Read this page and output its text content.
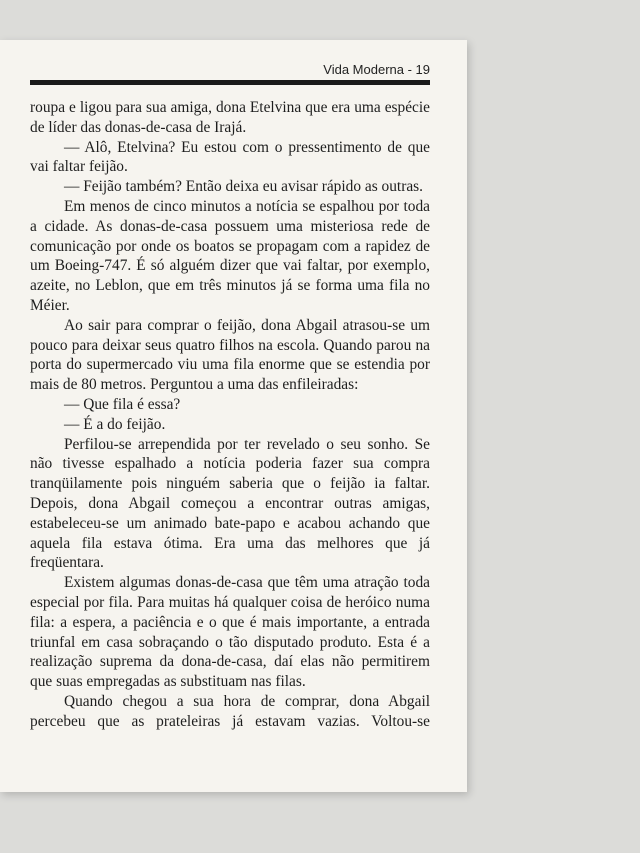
Vida Moderna - 19

roupa e ligou para sua amiga, dona Etelvina que era uma espécie de líder das donas-de-casa de Irajá.

— Alô, Etelvina? Eu estou com o pressentimento de que vai faltar feijão.

— Feijão também? Então deixa eu avisar rápido as outras.

Em menos de cinco minutos a notícia se espalhou por toda a cidade. As donas-de-casa possuem uma misteriosa rede de comunicação por onde os boatos se propagam com a rapidez de um Boeing-747. É só alguém dizer que vai faltar, por exemplo, azeite, no Leblon, que em três minutos já se forma uma fila no Méier.

Ao sair para comprar o feijão, dona Abgail atrasou-se um pouco para deixar seus quatro filhos na escola. Quando parou na porta do supermercado viu uma fila enorme que se estendia por mais de 80 metros. Perguntou a uma das enfileiradas:

— Que fila é essa?

— É a do feijão.

Perfilou-se arrependida por ter revelado o seu sonho. Se não tivesse espalhado a notícia poderia fazer sua compra tranqüilamente pois ninguém saberia que o feijão ia faltar. Depois, dona Abgail começou a encontrar outras amigas, estabeleceu-se um animado bate-papo e acabou achando que aquela fila estava ótima. Era uma das melhores que já freqüentara.

Existem algumas donas-de-casa que têm uma atração toda especial por fila. Para muitas há qualquer coisa de heróico numa fila: a espera, a paciência e o que é mais importante, a entrada triunfal em casa sobraçando o tão disputado produto. Esta é a realização suprema da dona-de-casa, daí elas não permitirem que suas empregadas as substituam nas filas.

Quando chegou a sua hora de comprar, dona Abgail percebeu que as prateleiras já estavam vazias. Voltou-se
